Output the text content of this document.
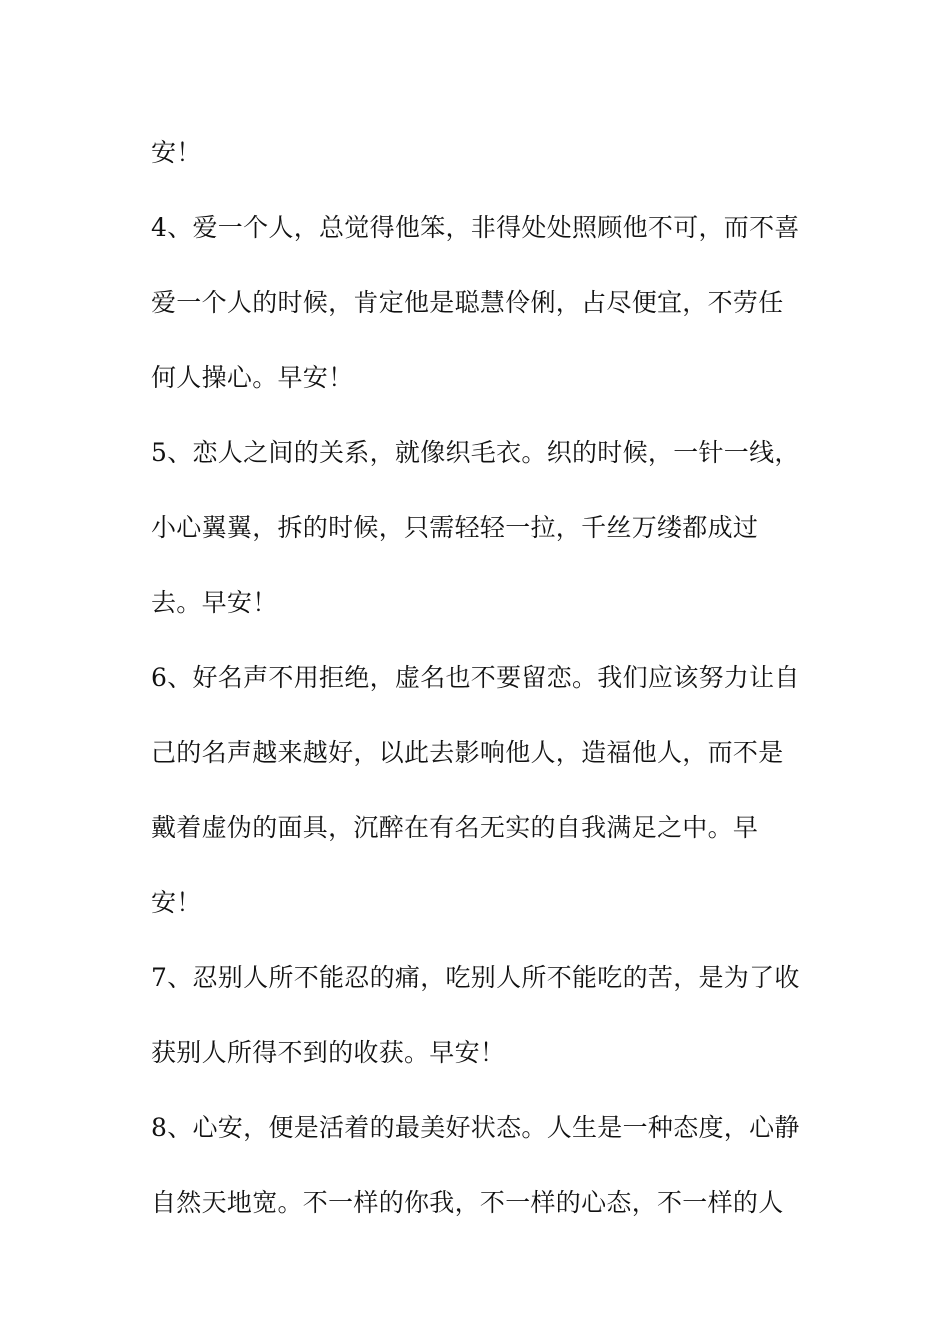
安！

4、爱一个人，总觉得他笨，非得处处照顾他不可，而不喜

爱一个人的时候，肯定他是聪慧伶俐，占尽便宜，不劳任

何人操心。早安！

5、恋人之间的关系，就像织毛衣。织的时候，一针一线，

小心翼翼，拆的时候，只需轻轻一拉，千丝万缕都成过

去。早安！

6、好名声不用拒绝，虚名也不要留恋。我们应该努力让自

己的名声越来越好，以此去影响他人，造福他人，而不是

戴着虚伪的面具，沉醉在有名无实的自我满足之中。早

安！

7、忍别人所不能忍的痛，吃别人所不能吃的苦，是为了收

获别人所得不到的收获。早安！

8、心安，便是活着的最美好状态。人生是一种态度，心静

自然天地宽。不一样的你我，不一样的心态，不一样的人
